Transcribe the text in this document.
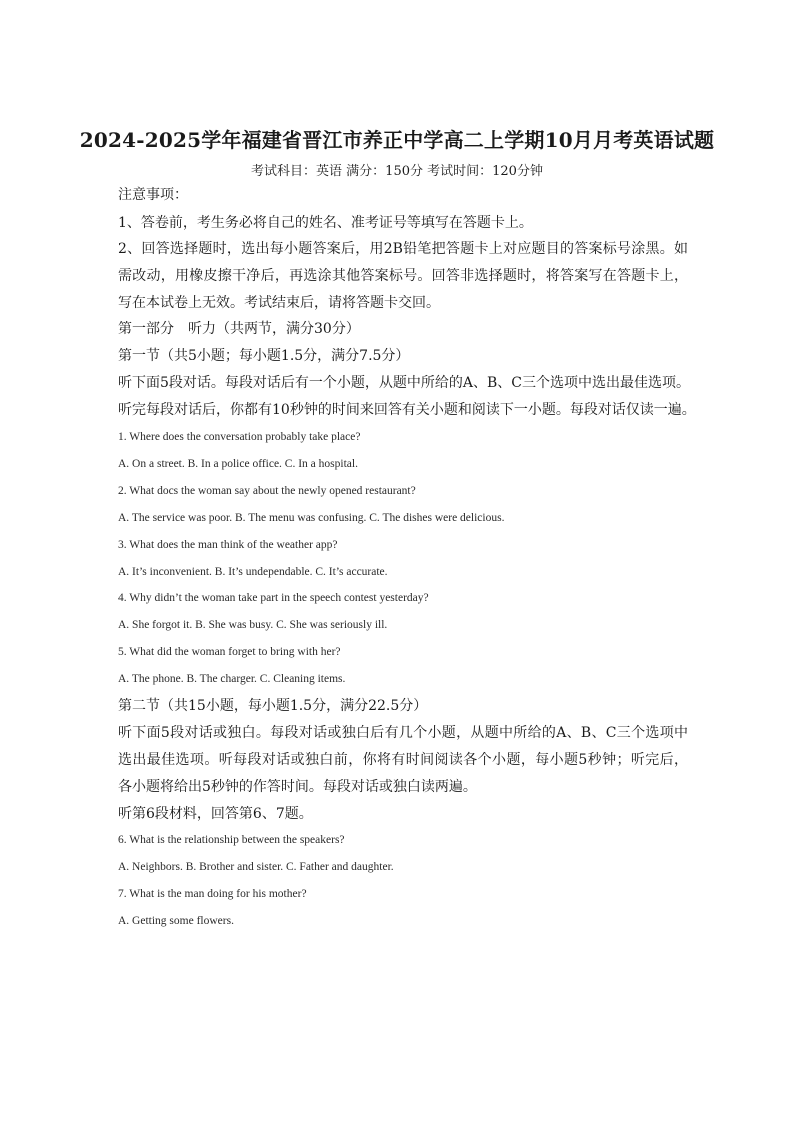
2024-2025学年福建省晋江市养正中学高二上学期10月月考英语试题
考试科目：英语 满分：150分 考试时间：120分钟
注意事项：
1、答卷前，考生务必将自己的姓名、准考证号等填写在答题卡上。
2、回答选择题时，选出每小题答案后，用2B铅笔把答题卡上对应题目的答案标号涂黑。如
需改动，用橡皮擦干净后，再选涂其他答案标号。回答非选择题时，将答案写在答题卡上，
写在本试卷上无效。考试结束后，请将答题卡交回。
第一部分　听力（共两节，满分30分）
第一节（共5小题；每小题1.5分，满分7.5分）
听下面5段对话。每段对话后有一个小题，从题中所给的A、B、C三个选项中选出最佳选项。
听完每段对话后，你都有10秒钟的时间来回答有关小题和阅读下一小题。每段对话仅读一遍。
1. Where does the conversation probably take place?
A. On a street. B. In a police office. C. In a hospital.
2. What docs the woman say about the newly opened restaurant?
A. The service was poor. B. The menu was confusing. C. The dishes were delicious.
3. What does the man think of the weather app?
A. It’s inconvenient. B. It’s undependable. C. It’s accurate.
4. Why didn’t the woman take part in the speech contest yesterday?
A. She forgot it. B. She was busy. C. She was seriously ill.
5. What did the woman forget to bring with her?
A. The phone. B. The charger. C. Cleaning items.
第二节（共15小题，每小题1.5分，满分22.5分）
听下面5段对话或独白。每段对话或独白后有几个小题，从题中所给的A、B、C三个选项中
选出最佳选项。听每段对话或独白前，你将有时间阅读各个小题，每小题5秒钟；听完后，
各小题将给出5秒钟的作答时间。每段对话或独白读两遍。
听第6段材料，回答第6、7题。
6. What is the relationship between the speakers?
A. Neighbors. B. Brother and sister. C. Father and daughter.
7. What is the man doing for his mother?
A. Getting some flowers.
